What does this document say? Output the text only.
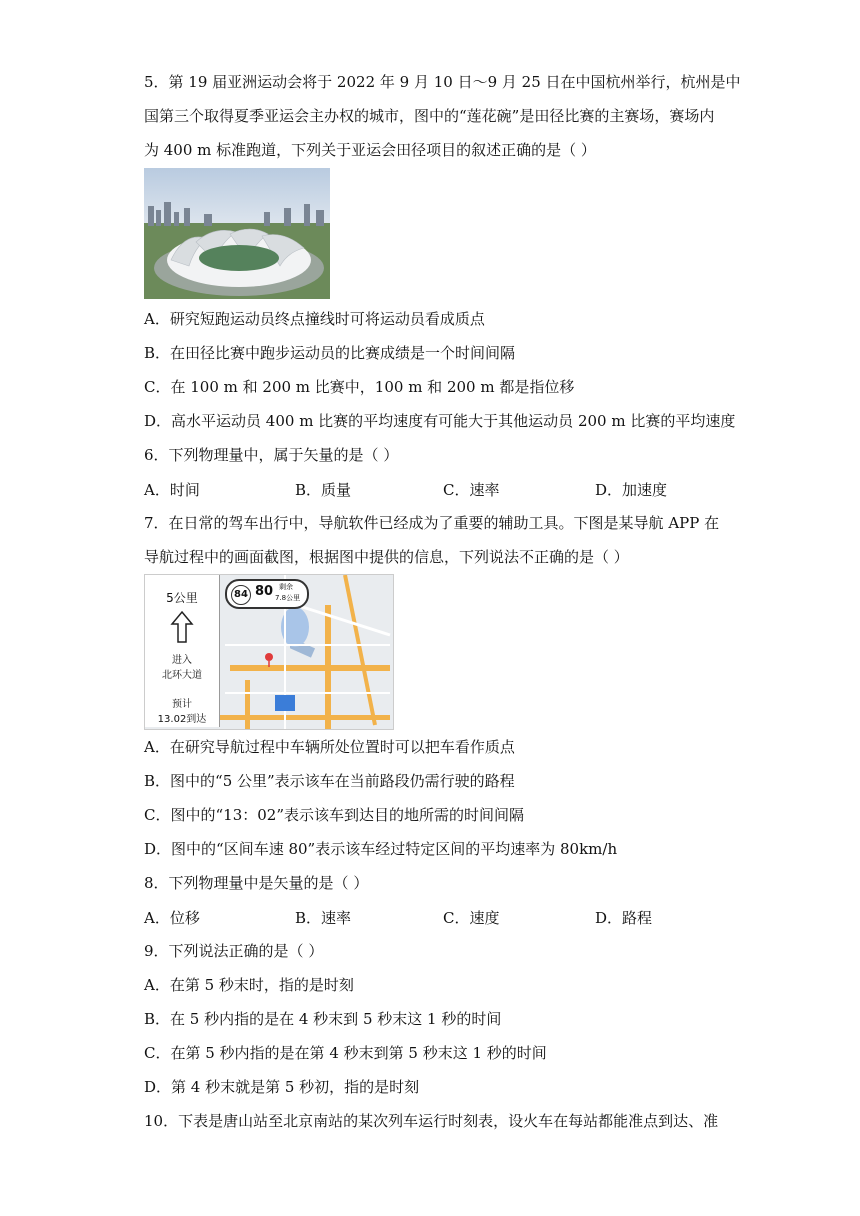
5．第 19 届亚洲运动会将于 2022 年 9 月 10 日～9 月 25 日在中国杭州举行，杭州是中
国第三个取得夏季亚运会主办权的城市，图中的“莲花碗”是田径比赛的主赛场，赛场内
为 400 m 标准跑道，下列关于亚运会田径项目的叙述正确的是（ ）
A．研究短跑运动员终点撞线时可将运动员看成质点
B．在田径比赛中跑步运动员的比赛成绩是一个时间间隔
C．在 100 m 和 200 m 比赛中，100 m 和 200 m 都是指位移
D．高水平运动员 400 m 比赛的平均速度有可能大于其他运动员 200 m 比赛的平均速度
6．下列物理量中，属于矢量的是（ ）
A．时间	B．质量	C．速率	D．加速度
7．在日常的驾车出行中，导航软件已经成为了重要的辅助工具。下图是某导航 APP 在
导航过程中的画面截图，根据图中提供的信息，下列说法不正确的是（ ）
5公里
进入
北环大道
预计
13.02到达
84 80 剩余
7.8公里
A．在研究导航过程中车辆所处位置时可以把车看作质点
B．图中的“5 公里”表示该车在当前路段仍需行驶的路程
C．图中的“13：02”表示该车到达目的地所需的时间间隔
D．图中的“区间车速 80”表示该车经过特定区间的平均速率为 80km/h
8．下列物理量中是矢量的是（ ）
A．位移	B．速率	C．速度	D．路程
9．下列说法正确的是（ ）
A．在第 5 秒末时，指的是时刻
B．在 5 秒内指的是在 4 秒末到 5 秒末这 1 秒的时间
C．在第 5 秒内指的是在第 4 秒末到第 5 秒末这 1 秒的时间
D．第 4 秒末就是第 5 秒初，指的是时刻
10．下表是唐山站至北京南站的某次列车运行时刻表，设火车在每站都能准点到达、准
